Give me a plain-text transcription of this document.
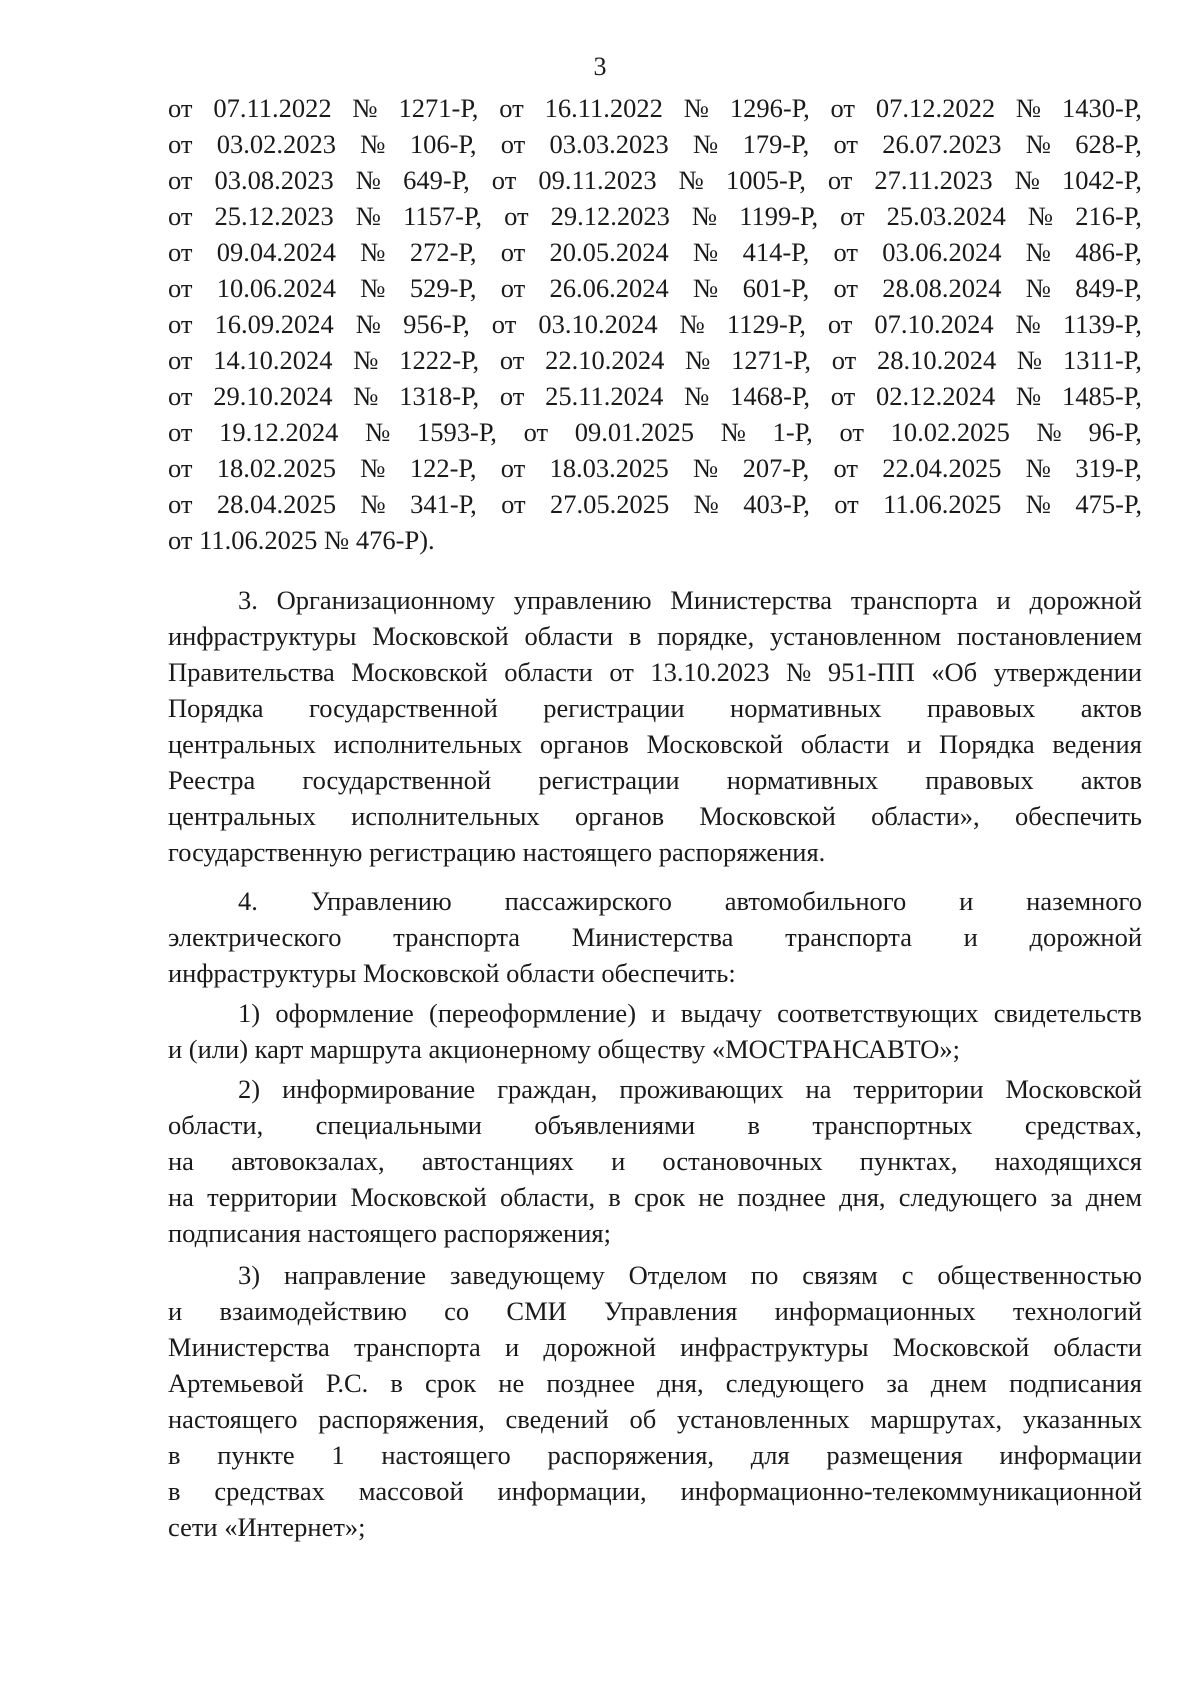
3
от 07.11.2022 № 1271-Р, от 16.11.2022 № 1296-Р, от 07.12.2022 № 1430-Р,
от 03.02.2023 № 106-Р, от 03.03.2023 № 179-Р, от 26.07.2023 № 628-Р,
от 03.08.2023 № 649-Р, от 09.11.2023 № 1005-Р, от 27.11.2023 № 1042-Р,
от 25.12.2023 № 1157-Р, от 29.12.2023 № 1199-Р, от 25.03.2024 № 216-Р,
от 09.04.2024 № 272-Р, от 20.05.2024 № 414-Р, от 03.06.2024 № 486-Р,
от 10.06.2024 № 529-Р, от 26.06.2024 № 601-Р, от 28.08.2024 № 849-Р,
от 16.09.2024 № 956-Р, от 03.10.2024 № 1129-Р, от 07.10.2024 № 1139-Р,
от 14.10.2024 № 1222-Р, от 22.10.2024 № 1271-Р, от 28.10.2024 № 1311-Р,
от 29.10.2024 № 1318-Р, от 25.11.2024 № 1468-Р, от 02.12.2024 № 1485-Р,
от 19.12.2024 № 1593-Р, от 09.01.2025 № 1-Р, от 10.02.2025 № 96-Р,
от 18.02.2025 № 122-Р, от 18.03.2025 № 207-Р, от 22.04.2025 № 319-Р,
от 28.04.2025 № 341-Р, от 27.05.2025 № 403-Р, от 11.06.2025 № 475-Р,
от 11.06.2025 № 476-Р).
3. Организационному управлению Министерства транспорта и дорожной
инфраструктуры Московской области в порядке, установленном постановлением
Правительства Московской области от 13.10.2023 № 951-ПП «Об утверждении
Порядка государственной регистрации нормативных правовых актов
центральных исполнительных органов Московской области и Порядка ведения
Реестра государственной регистрации нормативных правовых актов
центральных исполнительных органов Московской области», обеспечить
государственную регистрацию настоящего распоряжения.
4. Управлению пассажирского автомобильного и наземного
электрического транспорта Министерства транспорта и дорожной
инфраструктуры Московской области обеспечить:
1) оформление (переоформление) и выдачу соответствующих свидетельств
и (или) карт маршрута акционерному обществу «МОСТРАНСАВТО»;
2) информирование граждан, проживающих на территории Московской
области, специальными объявлениями в транспортных средствах,
на автовокзалах, автостанциях и остановочных пунктах, находящихся
на территории Московской области, в срок не позднее дня, следующего за днем
подписания настоящего распоряжения;
3) направление заведующему Отделом по связям с общественностью
и взаимодействию со СМИ Управления информационных технологий
Министерства транспорта и дорожной инфраструктуры Московской области
Артемьевой Р.С. в срок не позднее дня, следующего за днем подписания
настоящего распоряжения, сведений об установленных маршрутах, указанных
в пункте 1 настоящего распоряжения, для размещения информации
в средствах массовой информации, информационно-телекоммуникационной
сети «Интернет»;
